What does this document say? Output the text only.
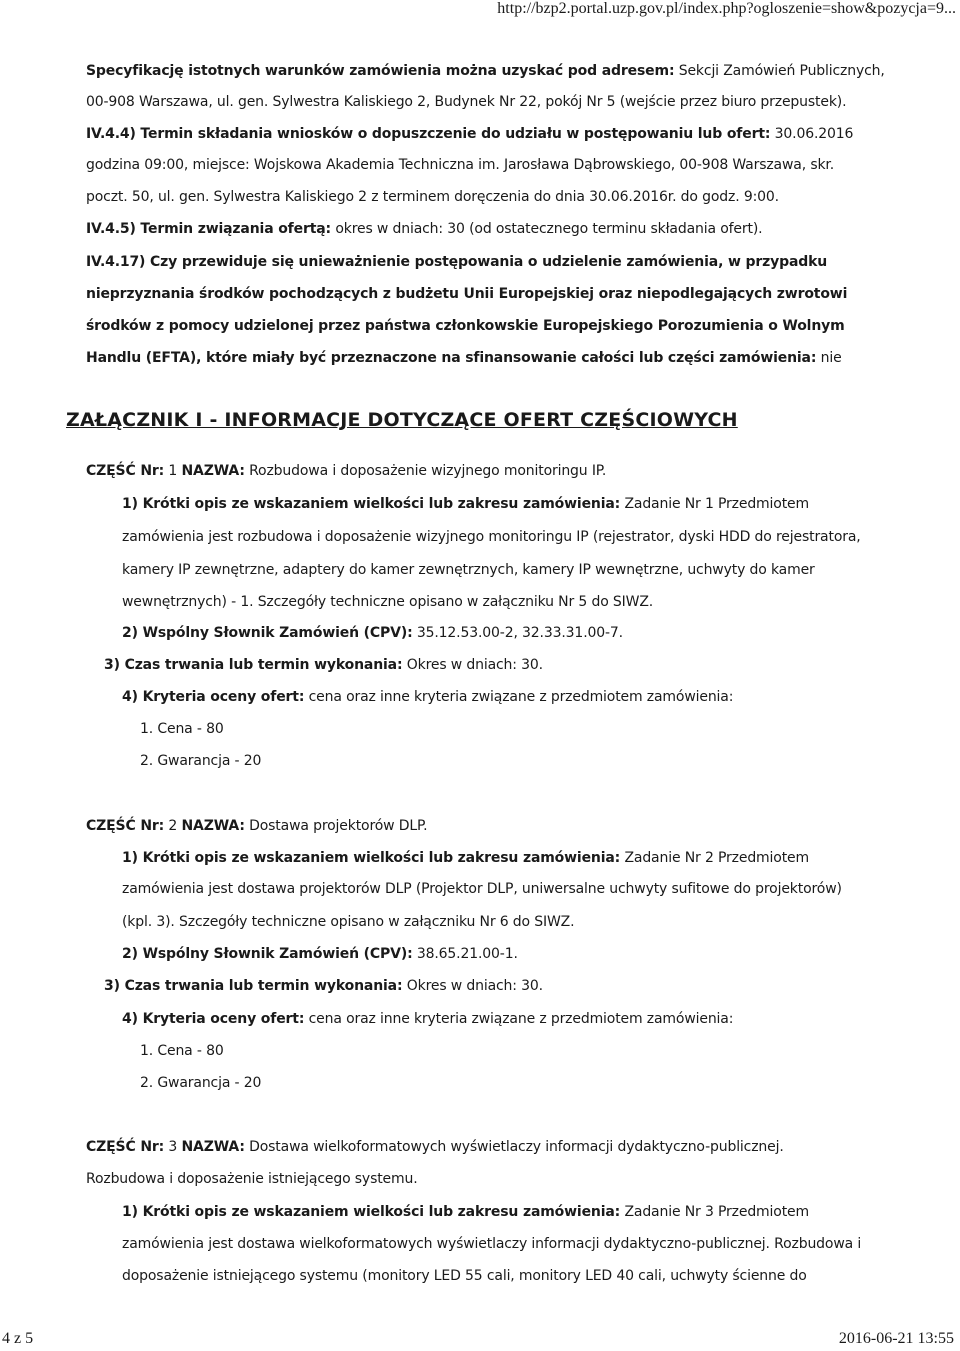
http://bzp2.portal.uzp.gov.pl/index.php?ogloszenie=show&pozycja=9...
Specyfikację istotnych warunków zamówienia można uzyskać pod adresem: Sekcji Zamówień Publicznych,
00-908 Warszawa, ul. gen. Sylwestra Kaliskiego 2, Budynek Nr 22, pokój Nr 5 (wejście przez biuro przepustek).
IV.4.4) Termin składania wniosków o dopuszczenie do udziału w postępowaniu lub ofert: 30.06.2016
godzina 09:00, miejsce: Wojskowa Akademia Techniczna im. Jarosława Dąbrowskiego, 00-908 Warszawa, skr.
poczt. 50, ul. gen. Sylwestra Kaliskiego 2 z terminem doręczenia do dnia 30.06.2016r. do godz. 9:00.
IV.4.5) Termin związania ofertą: okres w dniach: 30 (od ostatecznego terminu składania ofert).
IV.4.17) Czy przewiduje się unieważnienie postępowania o udzielenie zamówienia, w przypadku
nieprzyznania środków pochodzących z budżetu Unii Europejskiej oraz niepodlegających zwrotowi
środków z pomocy udzielonej przez państwa członkowskie Europejskiego Porozumienia o Wolnym
Handlu (EFTA), które miały być przeznaczone na sfinansowanie całości lub części zamówienia: nie
ZAŁĄCZNIK I - INFORMACJE DOTYCZĄCE OFERT CZĘŚCIOWYCH
CZĘŚĆ Nr: 1 NAZWA: Rozbudowa i doposażenie wizyjnego monitoringu IP.
1) Krótki opis ze wskazaniem wielkości lub zakresu zamówienia: Zadanie Nr 1 Przedmiotem
zamówienia jest rozbudowa i doposażenie wizyjnego monitoringu IP (rejestrator, dyski HDD do rejestratora,
kamery IP zewnętrzne, adaptery do kamer zewnętrznych, kamery IP wewnętrzne, uchwyty do kamer
wewnętrznych) - 1. Szczegóły techniczne opisano w załączniku Nr 5 do SIWZ.
2) Wspólny Słownik Zamówień (CPV): 35.12.53.00-2, 32.33.31.00-7.
3) Czas trwania lub termin wykonania: Okres w dniach: 30.
4) Kryteria oceny ofert: cena oraz inne kryteria związane z przedmiotem zamówienia:
1. Cena - 80
2. Gwarancja - 20
CZĘŚĆ Nr: 2 NAZWA: Dostawa projektorów DLP.
1) Krótki opis ze wskazaniem wielkości lub zakresu zamówienia: Zadanie Nr 2 Przedmiotem
zamówienia jest dostawa projektorów DLP (Projektor DLP, uniwersalne uchwyty sufitowe do projektorów)
(kpl. 3). Szczegóły techniczne opisano w załączniku Nr 6 do SIWZ.
2) Wspólny Słownik Zamówień (CPV): 38.65.21.00-1.
3) Czas trwania lub termin wykonania: Okres w dniach: 30.
4) Kryteria oceny ofert: cena oraz inne kryteria związane z przedmiotem zamówienia:
1. Cena - 80
2. Gwarancja - 20
CZĘŚĆ Nr: 3 NAZWA: Dostawa wielkoformatowych wyświetlaczy informacji dydaktyczno-publicznej.
Rozbudowa i doposażenie istniejącego systemu.
1) Krótki opis ze wskazaniem wielkości lub zakresu zamówienia: Zadanie Nr 3 Przedmiotem
zamówienia jest dostawa wielkoformatowych wyświetlaczy informacji dydaktyczno-publicznej. Rozbudowa i
doposażenie istniejącego systemu (monitory LED 55 cali, monitory LED 40 cali, uchwyty ścienne do
4 z 5	2016-06-21 13:55
